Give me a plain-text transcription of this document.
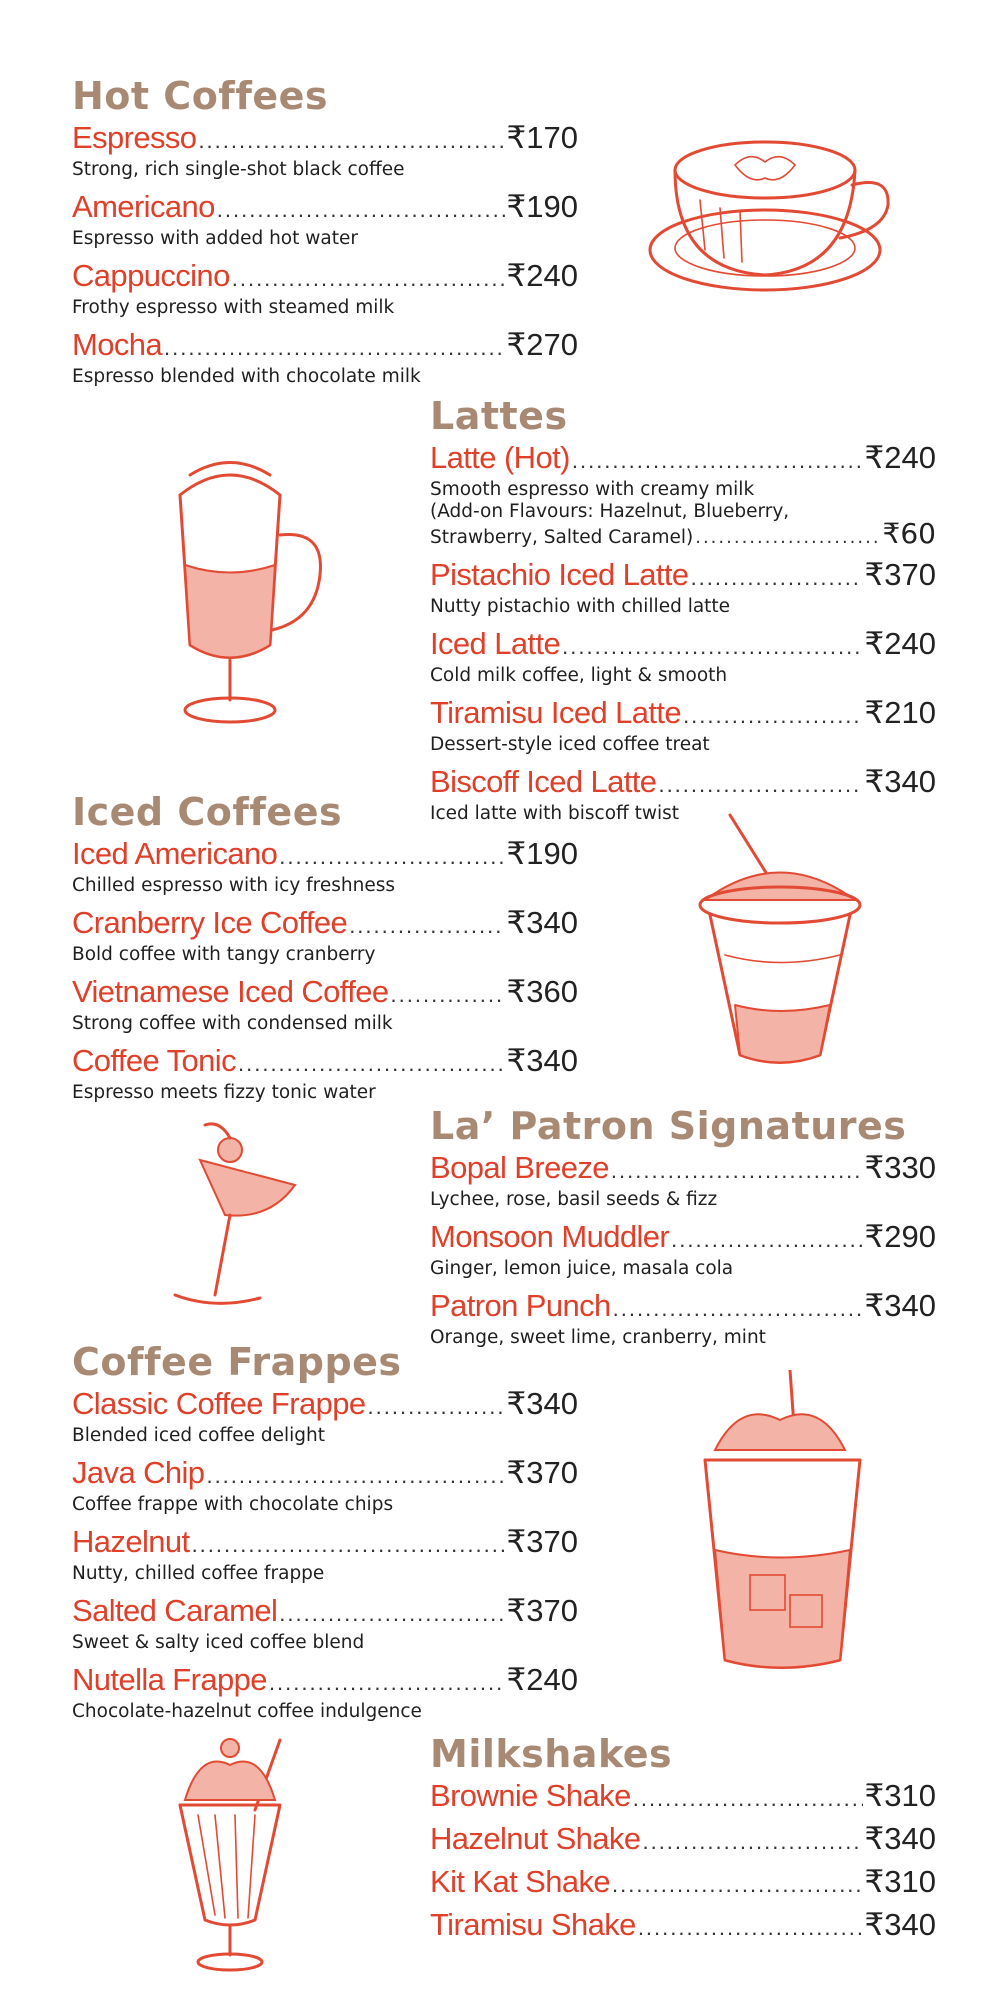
Hot Coffees
Espresso .....	₹170
Strong, rich single-shot black coffee
Americano .....	₹190
Espresso with added hot water
Cappuccino .....	₹240
Frothy espresso with steamed milk
Mocha .....	₹270
Espresso blended with chocolate milk
Lattes
Latte (Hot) .....	₹240
Smooth espresso with creamy milk
(Add-on Flavours: Hazelnut, Blueberry,
Strawberry, Salted Caramel) .....	₹60
Pistachio Iced Latte .....	₹370
Nutty pistachio with chilled latte
Iced Latte .....	₹240
Cold milk coffee, light & smooth
Tiramisu Iced Latte .....	₹210
Dessert-style iced coffee treat
Biscoff Iced Latte .....	₹340
Iced latte with biscoff twist
Iced Coffees
Iced Americano .....	₹190
Chilled espresso with icy freshness
Cranberry Ice Coffee .....	₹340
Bold coffee with tangy cranberry
Vietnamese Iced Coffee .....	₹360
Strong coffee with condensed milk
Coffee Tonic .....	₹340
Espresso meets fizzy tonic water
La’ Patron Signatures
Bopal Breeze .....	₹330
Lychee, rose, basil seeds & fizz
Monsoon Muddler .....	₹290
Ginger, lemon juice, masala cola
Patron Punch .....	₹340
Orange, sweet lime, cranberry, mint
Coffee Frappes
Classic Coffee Frappe .....	₹340
Blended iced coffee delight
Java Chip .....	₹370
Coffee frappe with chocolate chips
Hazelnut .....	₹370
Nutty, chilled coffee frappe
Salted Caramel .....	₹370
Sweet & salty iced coffee blend
Nutella Frappe .....	₹240
Chocolate-hazelnut coffee indulgence
Milkshakes
Brownie Shake .....	₹310
Hazelnut Shake .....	₹340
Kit Kat Shake .....	₹310
Tiramisu Shake .....	₹340
